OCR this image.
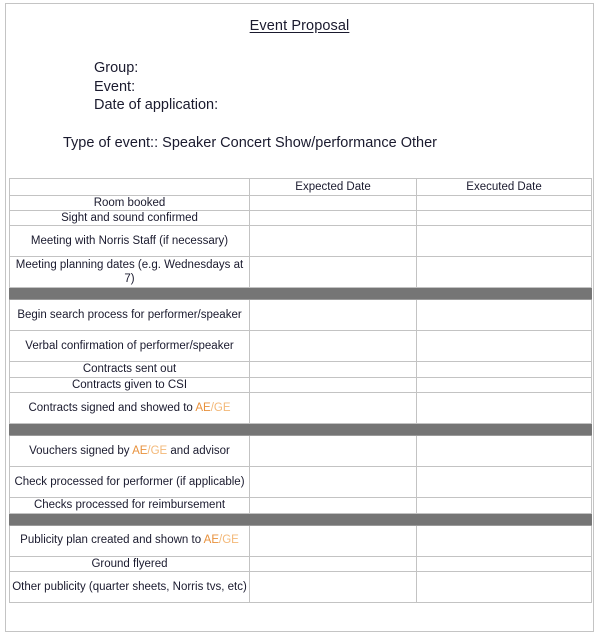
Event Proposal
Group:
Event:
Date of application:
Type of event:: Speaker Concert Show/performance Other
	Expected Date	Executed Date
Room booked		
Sight and sound confirmed		
Meeting with Norris Staff (if necessary)		
Meeting planning dates (e.g. Wednesdays at 7)		

Begin search process for performer/speaker		
Verbal confirmation of performer/speaker		
Contracts sent out		
Contracts given to CSI		
Contracts signed and showed to AE/GE		

Vouchers signed by AE/GE and advisor		
Check processed for performer (if applicable)		
Checks processed for reimbursement		

Publicity plan created and shown to AE/GE		
Ground flyered		
Other publicity (quarter sheets, Norris tvs, etc)		
